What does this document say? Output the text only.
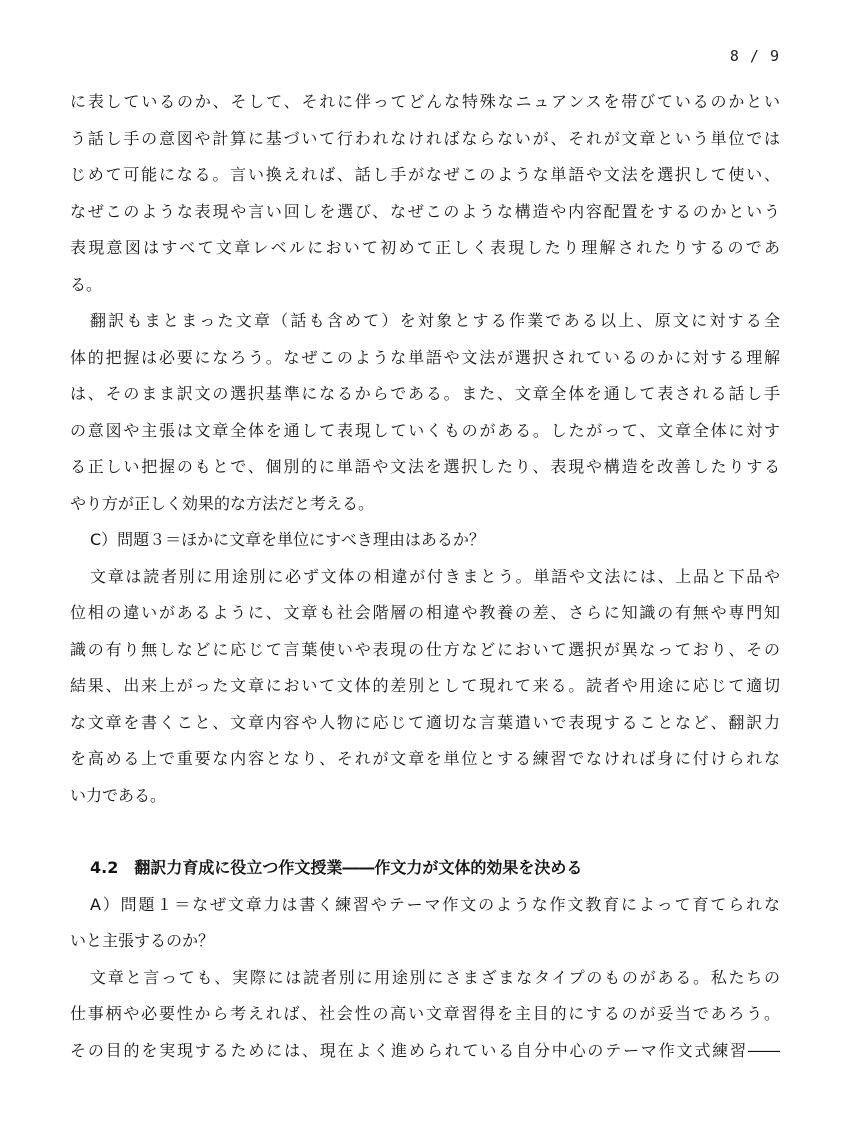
8 / 9
に表しているのか、そして、それに伴ってどんな特殊なニュアンスを帯びているのかとい
う話し手の意図や計算に基づいて行われなければならないが、それが文章という単位では
じめて可能になる。言い換えれば、話し手がなぜこのような単語や文法を選択して使い、
なぜこのような表現や言い回しを選び、なぜこのような構造や内容配置をするのかという
表現意図はすべて文章レベルにおいて初めて正しく表現したり理解されたりするのであ
る。
翻訳もまとまった文章（話も含めて）を対象とする作業である以上、原文に対する全
体的把握は必要になろう。なぜこのような単語や文法が選択されているのかに対する理解
は、そのまま訳文の選択基準になるからである。また、文章全体を通して表される話し手
の意図や主張は文章全体を通して表現していくものがある。したがって、文章全体に対す
る正しい把握のもとで、個別的に単語や文法を選択したり、表現や構造を改善したりする
やり方が正しく効果的な方法だと考える。
C）問題３＝ほかに文章を単位にすべき理由はあるか？
文章は読者別に用途別に必ず文体の相違が付きまとう。単語や文法には、上品と下品や
位相の違いがあるように、文章も社会階層の相違や教養の差、さらに知識の有無や専門知
識の有り無しなどに応じて言葉使いや表現の仕方などにおいて選択が異なっており、その
結果、出来上がった文章において文体的差別として現れて来る。読者や用途に応じて適切
な文章を書くこと、文章内容や人物に応じて適切な言葉遣いで表現することなど、翻訳力
を高める上で重要な内容となり、それが文章を単位とする練習でなければ身に付けられな
い力である。
4.2　翻訳力育成に役立つ作文授業――作文力が文体的効果を決める
A）問題１＝なぜ文章力は書く練習やテーマ作文のような作文教育によって育てられな
いと主張するのか？
文章と言っても、実際には読者別に用途別にさまざまなタイプのものがある。私たちの
仕事柄や必要性から考えれば、社会性の高い文章習得を主目的にするのが妥当であろう。
その目的を実現するためには、現在よく進められている自分中心のテーマ作文式練習――
